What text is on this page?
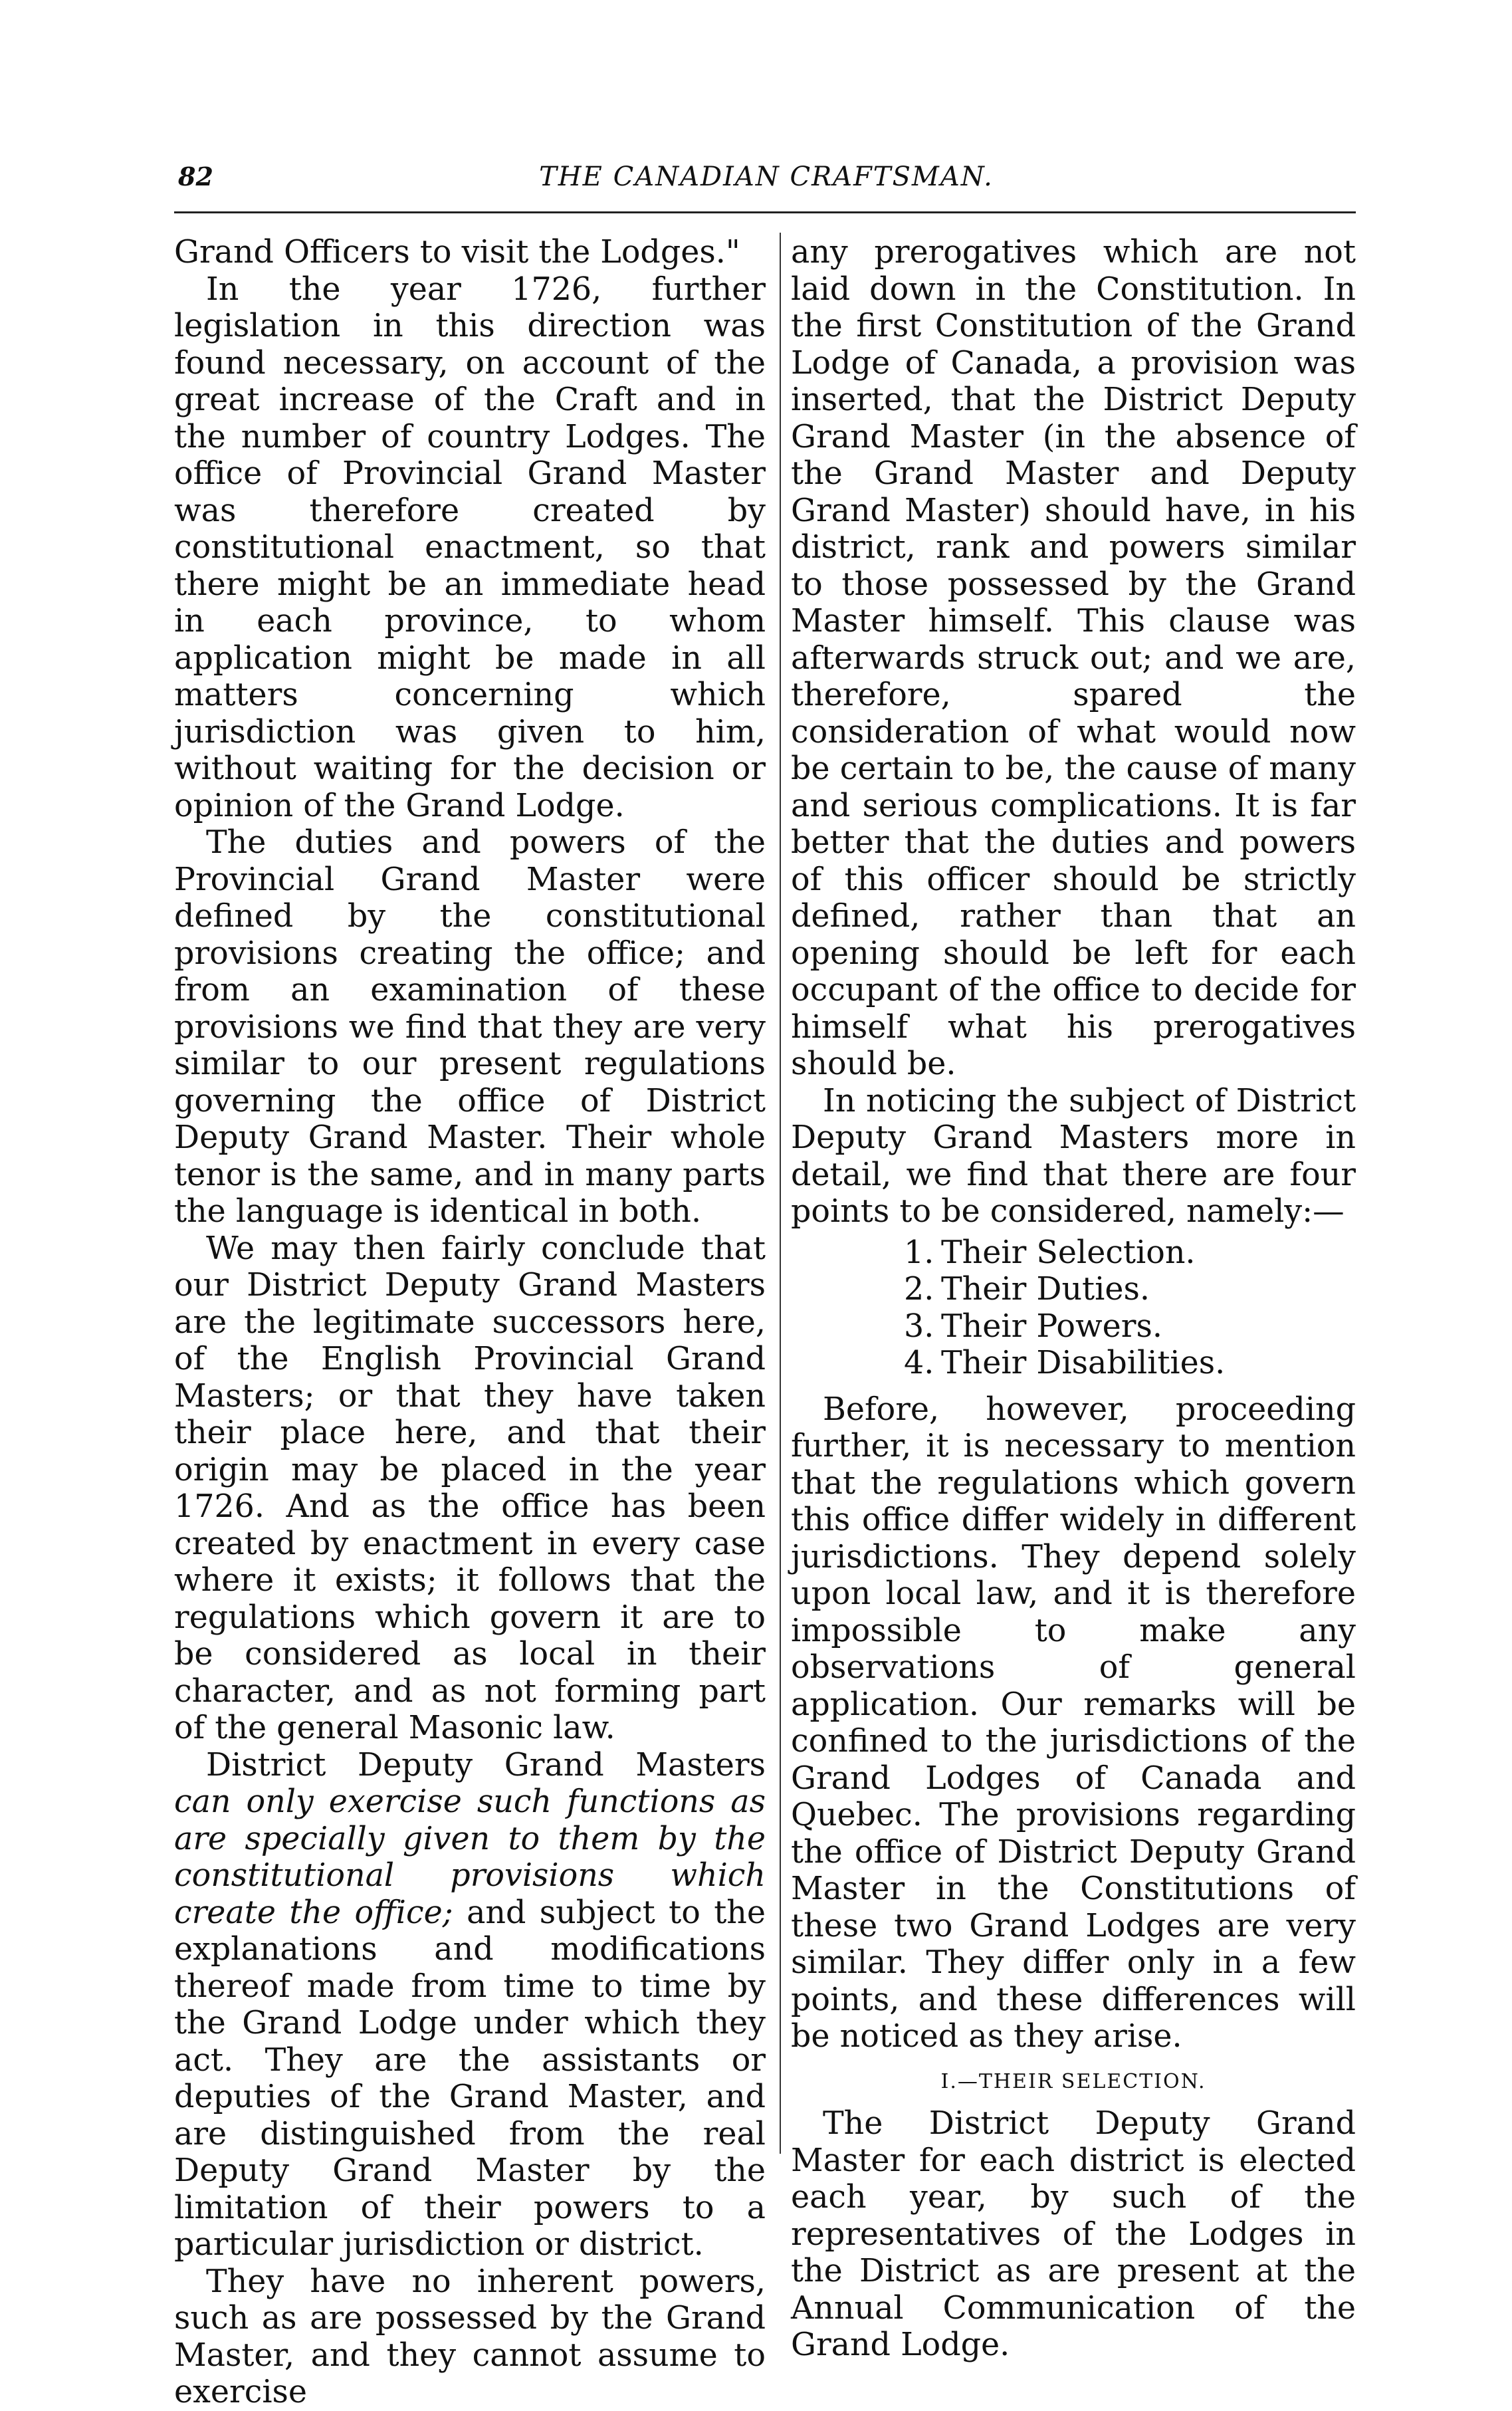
82	THE CANADIAN CRAFTSMAN.

Grand Officers to visit the Lodges."

In the year 1726, further legislation in this direction was found necessary, on account of the great increase of the Craft and in the number of country Lodges. The office of Provincial Grand Master was therefore created by constitutional enactment, so that there might be an immediate head in each province, to whom application might be made in all matters concerning which jurisdiction was given to him, without waiting for the decision or opinion of the Grand Lodge.

The duties and powers of the Provincial Grand Master were defined by the constitutional provisions creating the office; and from an examination of these provisions we find that they are very similar to our present regulations governing the office of District Deputy Grand Master. Their whole tenor is the same, and in many parts the language is identical in both.

We may then fairly conclude that our District Deputy Grand Masters are the legitimate successors here, of the English Provincial Grand Masters; or that they have taken their place here, and that their origin may be placed in the year 1726. And as the office has been created by enactment in every case where it exists; it follows that the regulations which govern it are to be considered as local in their character, and as not forming part of the general Masonic law.

District Deputy Grand Masters can only exercise such functions as are specially given to them by the constitutional provisions which create the office; and subject to the explanations and modifications thereof made from time to time by the Grand Lodge under which they act. They are the assistants or deputies of the Grand Master, and are distinguished from the real Deputy Grand Master by the limitation of their powers to a particular jurisdiction or district.

They have no inherent powers, such as are possessed by the Grand Master, and they cannot assume to exercise

any prerogatives which are not laid down in the Constitution. In the first Constitution of the Grand Lodge of Canada, a provision was inserted, that the District Deputy Grand Master (in the absence of the Grand Master and Deputy Grand Master) should have, in his district, rank and powers similar to those possessed by the Grand Master himself. This clause was afterwards struck out; and we are, therefore, spared the consideration of what would now be certain to be, the cause of many and serious complications. It is far better that the duties and powers of this officer should be strictly defined, rather than that an opening should be left for each occupant of the office to decide for himself what his prerogatives should be.

In noticing the subject of District Deputy Grand Masters more in detail, we find that there are four points to be considered, namely:—

1. Their Selection.
2. Their Duties.
3. Their Powers.
4. Their Disabilities.

Before, however, proceeding further, it is necessary to mention that the regulations which govern this office differ widely in different jurisdictions. They depend solely upon local law, and it is therefore impossible to make any observations of general application. Our remarks will be confined to the jurisdictions of the Grand Lodges of Canada and Quebec. The provisions regarding the office of District Deputy Grand Master in the Constitutions of these two Grand Lodges are very similar. They differ only in a few points, and these differences will be noticed as they arise.

I.—THEIR SELECTION.

The District Deputy Grand Master for each district is elected each year, by such of the representatives of the Lodges in the District as are present at the Annual Communication of the Grand Lodge.
